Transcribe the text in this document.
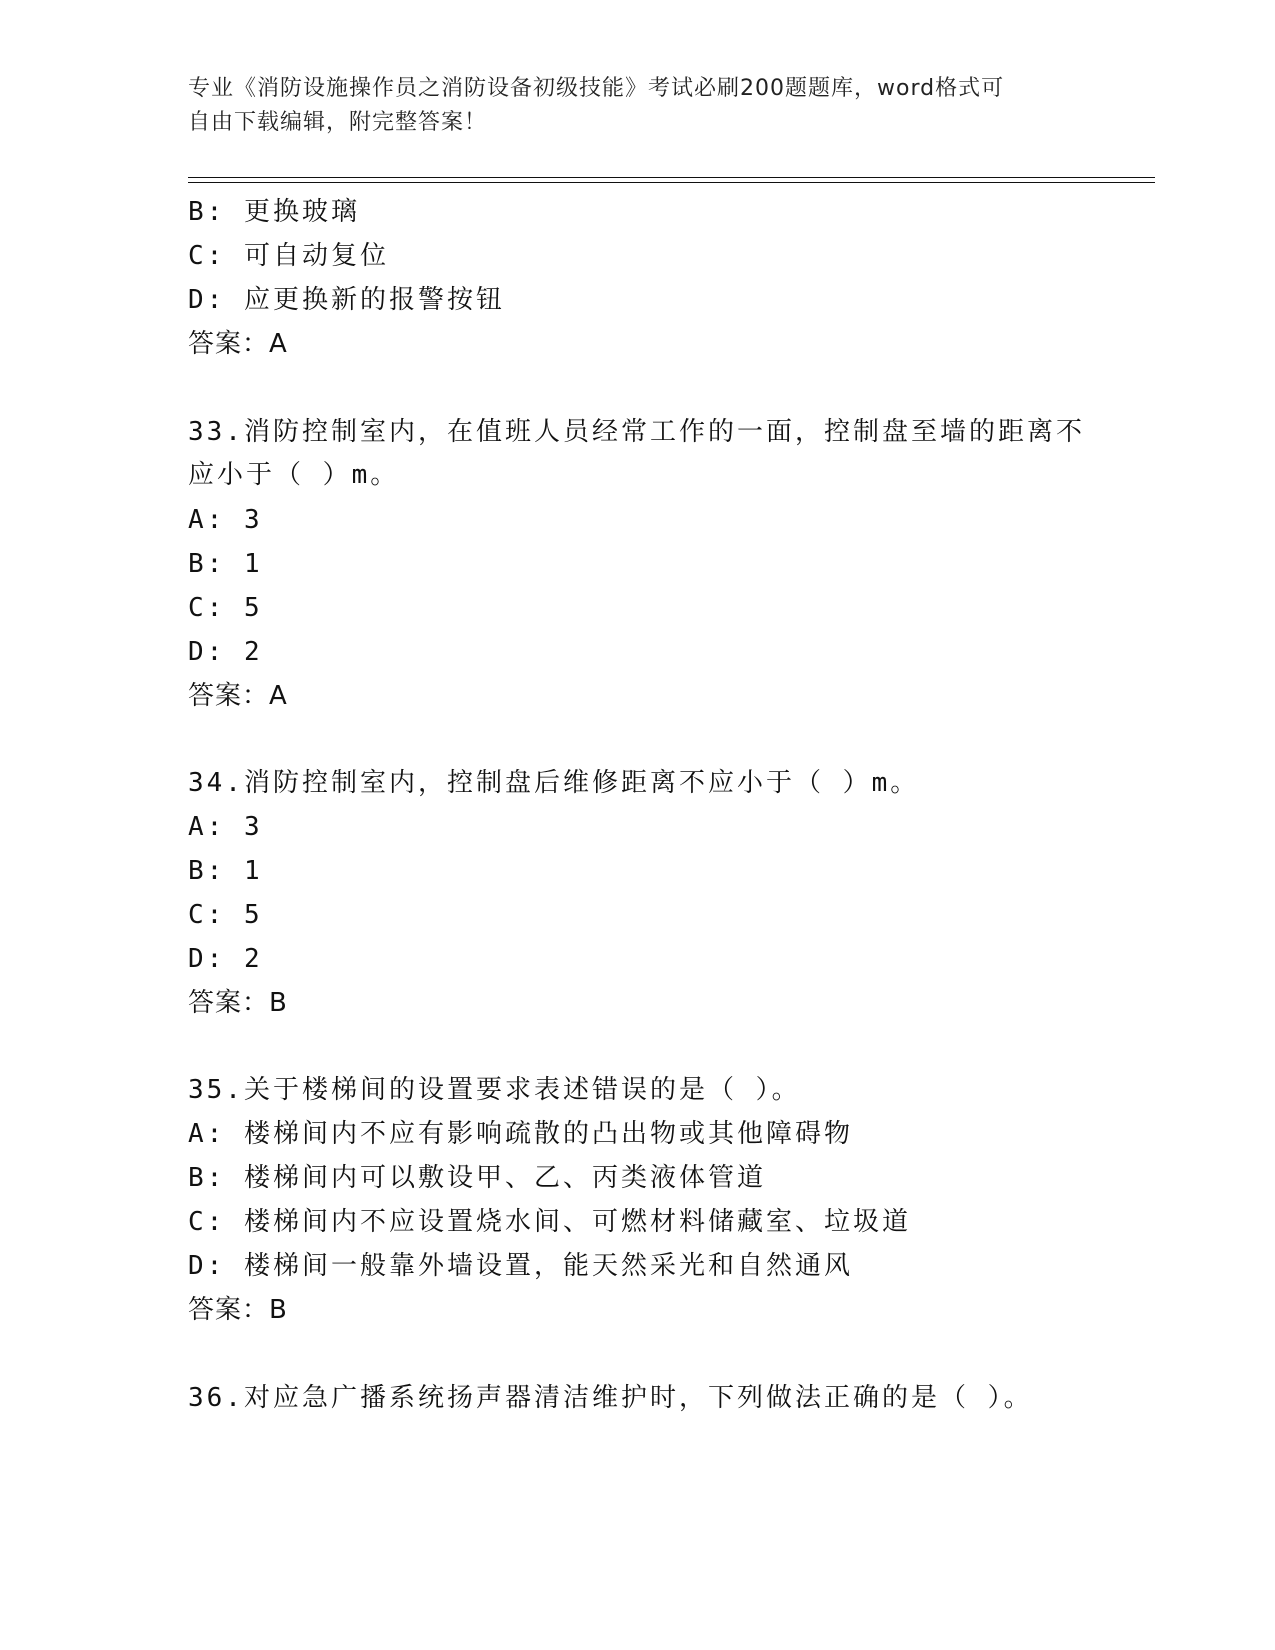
专业《消防设施操作员之消防设备初级技能》考试必刷200题题库，word格式可
自由下载编辑，附完整答案！
B: 更换玻璃
C: 可自动复位
D: 应更换新的报警按钮
答案：A
33.消防控制室内，在值班人员经常工作的一面，控制盘至墙的距离不
应小于（ ）m。
A: 3
B: 1
C: 5
D: 2
答案：A
34.消防控制室内，控制盘后维修距离不应小于（ ）m。
A: 3
B: 1
C: 5
D: 2
答案：B
35.关于楼梯间的设置要求表述错误的是（ ）。
A: 楼梯间内不应有影响疏散的凸出物或其他障碍物
B: 楼梯间内可以敷设甲、乙、丙类液体管道
C: 楼梯间内不应设置烧水间、可燃材料储藏室、垃圾道
D: 楼梯间一般靠外墙设置，能天然采光和自然通风
答案：B
36.对应急广播系统扬声器清洁维护时，下列做法正确的是（ ）。
